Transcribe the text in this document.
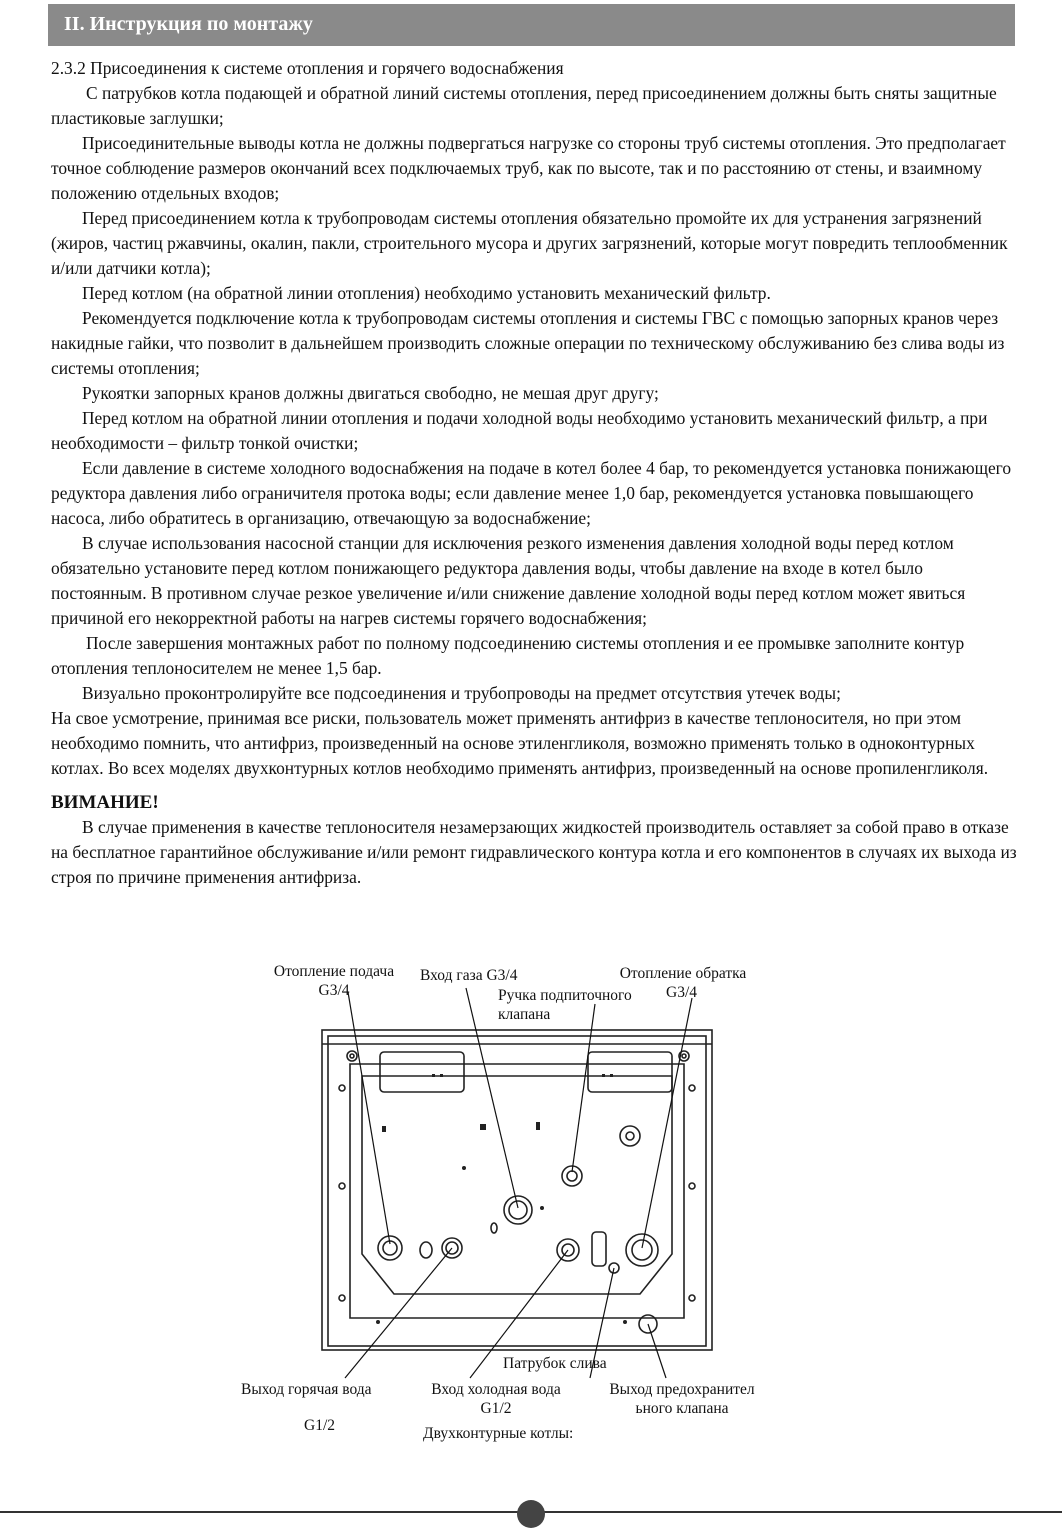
II. Инструкция по монтажу

2.3.2 Присоединения к системе отопления и горячего водоснабжения

С патрубков котла подающей и обратной линий системы отопления, перед присоединением должны быть сняты защитные пластиковые заглушки;

Присоединительные выводы котла не должны подвергаться нагрузке со стороны труб системы отопления. Это предполагает точное соблюдение размеров окончаний всех подключаемых труб, как по высоте, так и по расстоянию от стены, и взаимному положению отдельных входов;

Перед присоединением котла к трубопроводам системы отопления обязательно промойте их для устранения загрязнений (жиров, частиц ржавчины, окалин, пакли, строительного мусора и других загрязнений, которые могут повредить теплообменник и/или датчики котла);

Перед котлом (на обратной линии отопления) необходимо установить механический фильтр.

Рекомендуется подключение котла к трубопроводам системы отопления и системы ГВС с помощью запорных кранов через накидные гайки, что позволит в дальнейшем производить сложные операции по техническому обслуживанию без слива воды из системы отопления;

Рукоятки запорных кранов должны двигаться свободно, не мешая друг другу;

Перед котлом на обратной линии отопления и подачи холодной воды необходимо установить механический фильтр, а при необходимости – фильтр тонкой очистки;

Если давление в системе холодного водоснабжения на подаче в котел более 4 бар, то рекомендуется установка понижающего редуктора давления либо ограничителя протока воды; если давление менее 1,0 бар, рекомендуется установка повышающего насоса, либо обратитесь в организацию, отвечающую за водоснабжение;

В случае использования насосной станции для исключения резкого изменения давления холодной воды перед котлом обязательно установите перед котлом понижающего редуктора давления воды, чтобы давление на входе в котел было постоянным. В противном случае резкое увеличение и/или снижение давление холодной воды перед котлом может явиться причиной его некорректной работы на нагрев системы горячего водоснабжения;

После завершения монтажных работ по полному подсоединению системы отопления и ее промывке заполните контур отопления теплоносителем не менее 1,5 бар.

Визуально проконтролируйте все подсоединения и трубопроводы на предмет отсутствия утечек воды;

На свое усмотрение, принимая все риски, пользователь может применять антифриз в качестве теплоносителя, но при этом необходимо помнить, что антифриз, произведенный на основе этиленгликоля, возможно применять только в одноконтурных котлах. Во всех моделях двухконтурных котлов необходимо применять антифриз, произведенный на основе пропиленгликоля.

ВИМАНИЕ!

В случае применения в качестве теплоносителя незамерзающих жидкостей производитель оставляет за собой право в отказе на бесплатное гарантийное обслуживание и/или ремонт гидравлического контура котла и его компонентов в случаях их выхода из строя по причине применения антифриза.

Отопление подача
G3/4
Вход газа G3/4
Ручка подпиточного
клапана
Отопление обратка
G3/4
Патрубок слива
Выход горячая вода
G1/2
Вход холодная вода
G1/2
Выход предохранител
ьного клапана
Двухконтурные котлы:
